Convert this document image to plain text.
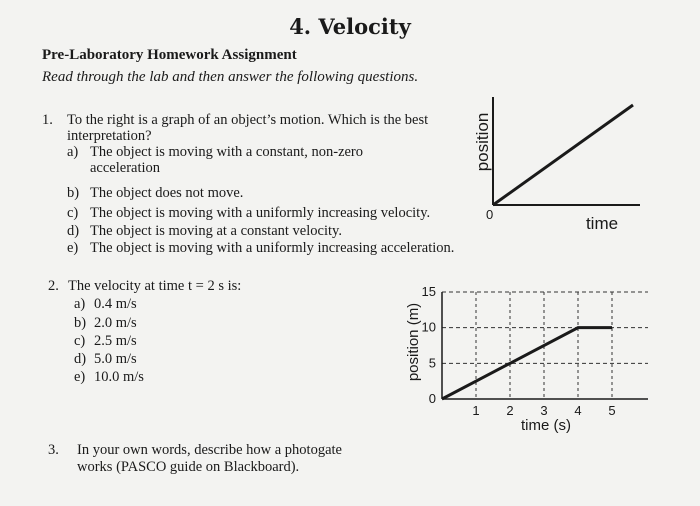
4. Velocity
Pre-Laboratory Homework Assignment
Read through the lab and then answer the following questions.
1. To the right is a graph of an object’s motion. Which is the best
interpretation?
a) The object is moving with a constant, non-zero
acceleration
b) The object does not move.
c) The object is moving with a uniformly increasing velocity.
d) The object is moving at a constant velocity.
e) The object is moving with a uniformly increasing acceleration.
position
0	time
2. The velocity at time t = 2 s is:
a) 0.4 m/s
b) 2.0 m/s
c) 2.5 m/s
d) 5.0 m/s
e) 10.0 m/s
1 2 3 4 5
0
5
10
15
position (m)
time (s)
3. In your own words, describe how a photogate
works (PASCO guide on Blackboard).
